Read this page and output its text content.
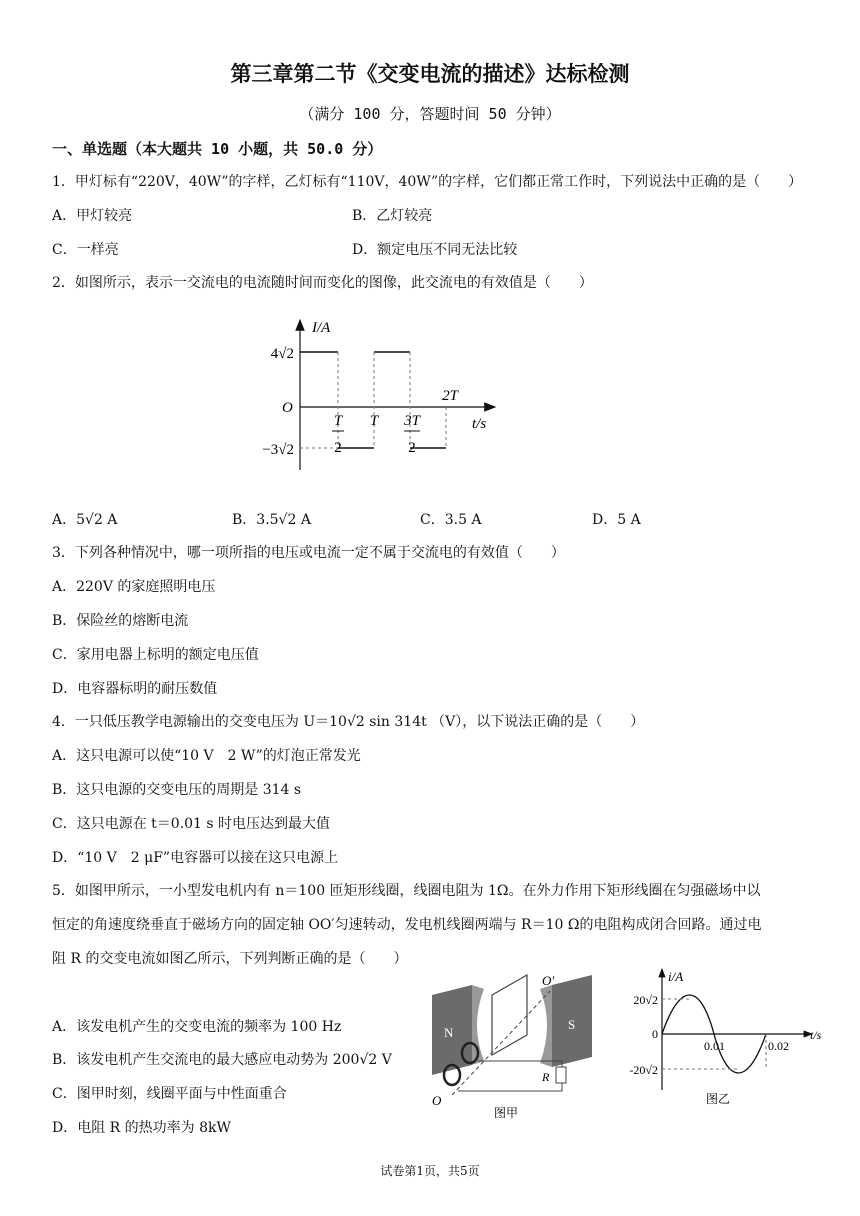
第三章第二节《交变电流的描述》达标检测
（满分 100 分，答题时间 50 分钟）
一、单选题（本大题共 10 小题，共 50.0 分）
1．甲灯标有“220V，40W”的字样，乙灯标有“110V，40W”的字样，它们都正常工作时，下列说法中正确的是（　　）
A．甲灯较亮	B．乙灯较亮
C．一样亮	D．额定电压不同无法比较
2．如图所示，表示一交流电的电流随时间而变化的图像，此交流电的有效值是（　　）
I/A
t/s
O
4√2
−3√2
T
2
T 3T
2
2T
A．5√2 A	B．3.5√2 A	C．3.5 A	D．5 A
3．下列各种情况中，哪一项所指的电压或电流一定不属于交流电的有效值（　　）
A．220V 的家庭照明电压
B．保险丝的熔断电流
C．家用电器上标明的额定电压值
D．电容器标明的耐压数值
4．一只低压教学电源输出的交变电压为 U＝10√2 sin 314t （V），以下说法正确的是（　　）
A．这只电源可以使“10 V　2 W”的灯泡正常发光
B．这只电源的交变电压的周期是 314 s
C．这只电源在 t＝0.01 s 时电压达到最大值
D．“10 V　2 μF”电容器可以接在这只电源上
5．如图甲所示，一小型发电机内有 n＝100 匝矩形线圈，线圈电阻为 1Ω。在外力作用下矩形线圈在匀强磁场中以
恒定的角速度绕垂直于磁场方向的固定轴 OO′匀速转动，发电机线圈两端与 R＝10 Ω的电阻构成闭合回路。通过电
阻 R 的交变电流如图乙所示，下列判断正确的是（　　）
A．该发电机产生的交变电流的频率为 100 Hz
B．该发电机产生交流电的最大感应电动势为 200√2 V
C．图甲时刻，线圈平面与中性面重合
D．电阻 R 的热功率为 8kW
N
S
O′
O
R
图甲
i/A
t/s
20√2
0
-20√2
0.01	0.02
图乙
试卷第1页，共5页
